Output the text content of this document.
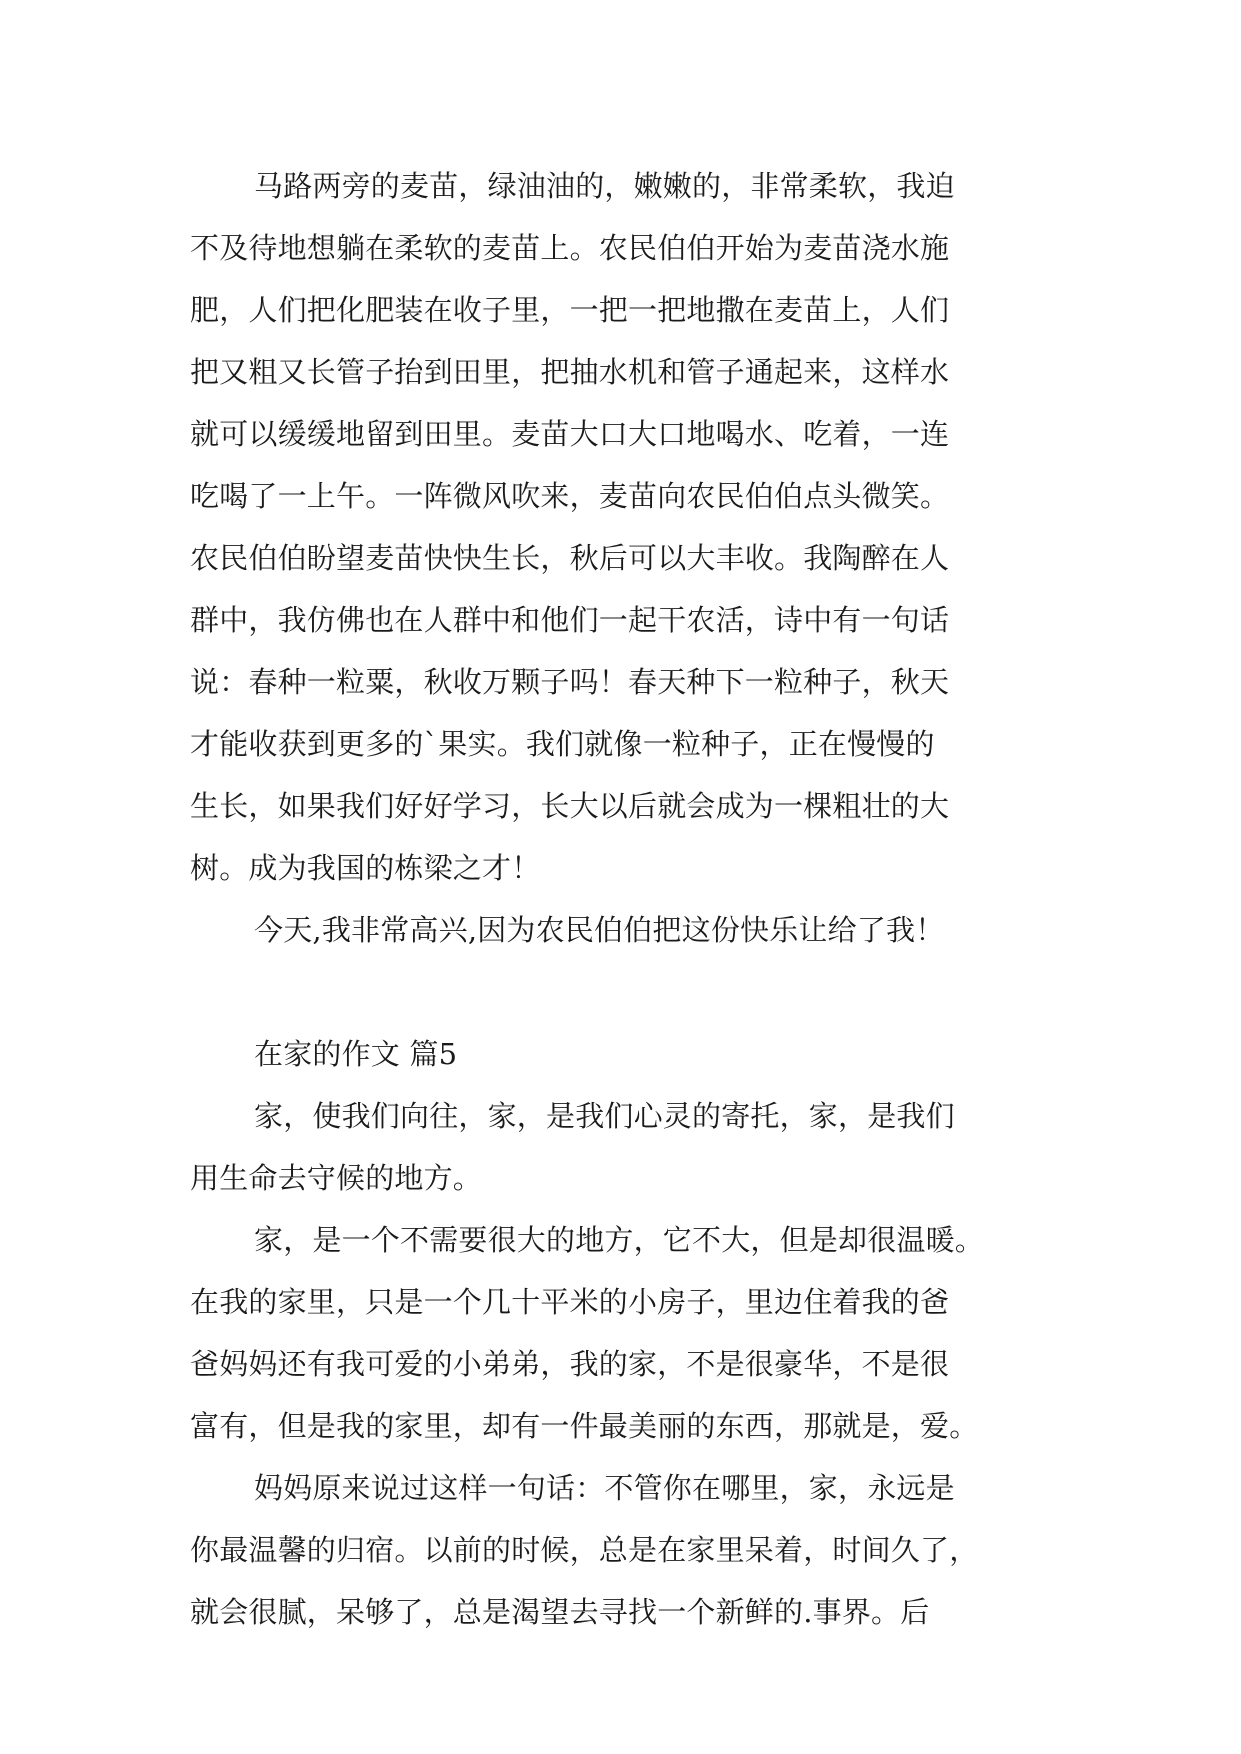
马路两旁的麦苗，绿油油的，嫩嫩的，非常柔软，我迫

不及待地想躺在柔软的麦苗上。农民伯伯开始为麦苗浇水施

肥，人们把化肥装在收子里，一把一把地撒在麦苗上，人们

把又粗又长管子抬到田里，把抽水机和管子通起来，这样水

就可以缓缓地留到田里。麦苗大口大口地喝水、吃着，一连

吃喝了一上午。一阵微风吹来，麦苗向农民伯伯点头微笑。

农民伯伯盼望麦苗快快生长，秋后可以大丰收。我陶醉在人

群中，我仿佛也在人群中和他们一起干农活，诗中有一句话

说：春种一粒粟，秋收万颗子吗！春天种下一粒种子，秋天

才能收获到更多的`果实。我们就像一粒种子，正在慢慢的

生长，如果我们好好学习，长大以后就会成为一棵粗壮的大

树。成为我国的栋梁之才！

今天,我非常高兴,因为农民伯伯把这份快乐让给了我！

在家的作文 篇5

家，使我们向往，家，是我们心灵的寄托，家，是我们

用生命去守候的地方。

家，是一个不需要很大的地方，它不大，但是却很温暖。

在我的家里，只是一个几十平米的小房子，里边住着我的爸

爸妈妈还有我可爱的小弟弟，我的家，不是很豪华，不是很

富有，但是我的家里，却有一件最美丽的东西，那就是，爱。

妈妈原来说过这样一句话：不管你在哪里，家，永远是

你最温馨的归宿。以前的时候，总是在家里呆着，时间久了，

就会很腻，呆够了，总是渴望去寻找一个新鲜的.事界。后
